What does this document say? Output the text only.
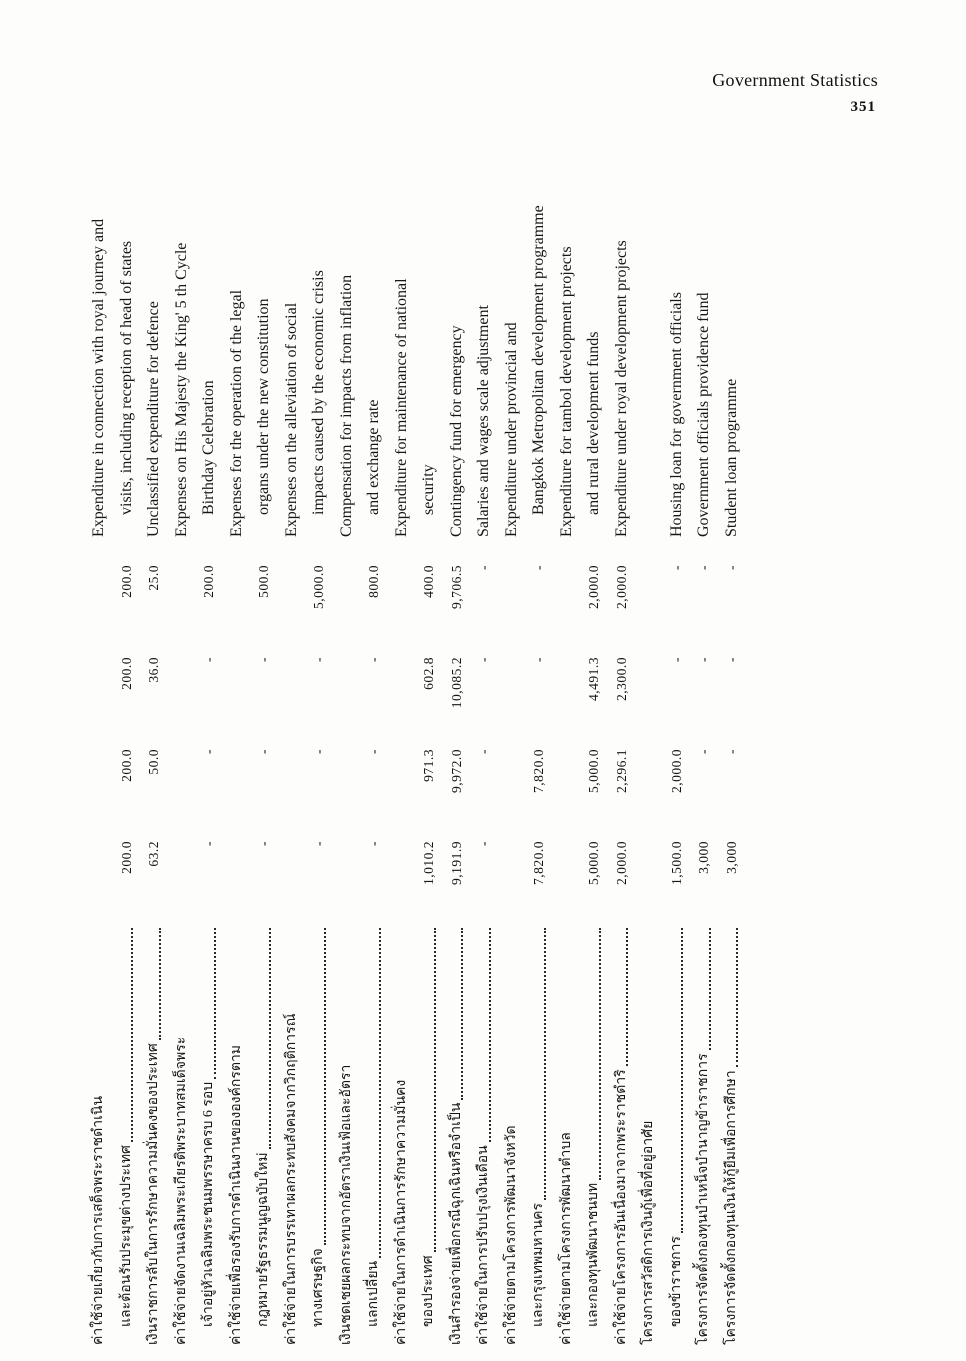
Government Statistics
351
ค่าใช้จ่ายเกี่ยวกับการเสด็จพระราชดำเนิน และต้อนรับประมุขต่างประเทศ
200.0
200.0
200.0
200.0
Expenditure in connection with royal journey and visits, including reception of head of states
เงินราชการลับในการรักษาความมั่นคงของประเทศ
63.2
50.0
36.0
25.0
Unclassified expenditure for defence
ค่าใช้จ่ายจัดงานเฉลิมพระเกียรติพระบาทสมเด็จพระ เจ้าอยู่หัวเฉลิมพระชนมพรรษาครบ 6 รอบ
-
-
-
200.0
Expenses on His Majesty the King' 5 th Cycle Birthday Celebration
ค่าใช้จ่ายเพื่อรองรับการดำเนินงานขององค์กรตาม กฎหมายรัฐธรรมนูญฉบับใหม่
-
-
-
500.0
Expenses for the operation of the legal organs under the new constitution
ค่าใช้จ่ายในการบรรเทาผลกระทบสังคมจากวิกฤติการณ์ ทางเศรษฐกิจ
-
-
-
5,000.0
Expenses on the alleviation of social impacts caused by the economic crisis
เงินชดเชยผลกระทบจากอัตราเงินเฟ้อและอัตรา แลกเปลี่ยน
-
-
-
800.0
Compensation for impacts from inflation and exchange rate
ค่าใช้จ่ายในการดำเนินการรักษาความมั่นคง ของประเทศ
1,010.2
971.3
602.8
400.0
Expenditure for maintenance of national security
เงินสำรองจ่ายเพื่อกรณีฉุกเฉินหรือจำเป็น
9,191.9
9,972.0
10,085.2
9,706.5
Contingency fund for emergency
ค่าใช้จ่ายในการปรับปรุงเงินเดือน
-
-
-
-
Salaries and wages scale adjustment
ค่าใช้จ่ายตามโครงการพัฒนาจังหวัด และกรุงเทพมหานคร
7,820.0
7,820.0
-
-
Expenditure under provincial and Bangkok Metropolitan development programme
ค่าใช้จ่ายตามโครงการพัฒนาตำบล และกองทุนพัฒนาชนบท
5,000.0
5,000.0
4,491.3
2,000.0
Expenditure for tambol development projects and rural development funds
ค่าใช้จ่ายโครงการอันเนื่องมาจากพระราชดำริ
2,000.0
2,296.1
2,300.0
2,000.0
Expenditure under royal development projects
โครงการสวัสดิการเงินกู้เพื่อที่อยู่อาศัย ของข้าราชการ
1,500.0
2,000.0
-
-
Housing loan for government officials
โครงการจัดตั้งกองทุนบำเหน็จบำนาญข้าราชการ
3,000
-
-
-
Government officials providence fund
โครงการจัดตั้งกองทุนเงินให้กู้ยืมเพื่อการศึกษา
3,000
-
-
-
Student loan programme
